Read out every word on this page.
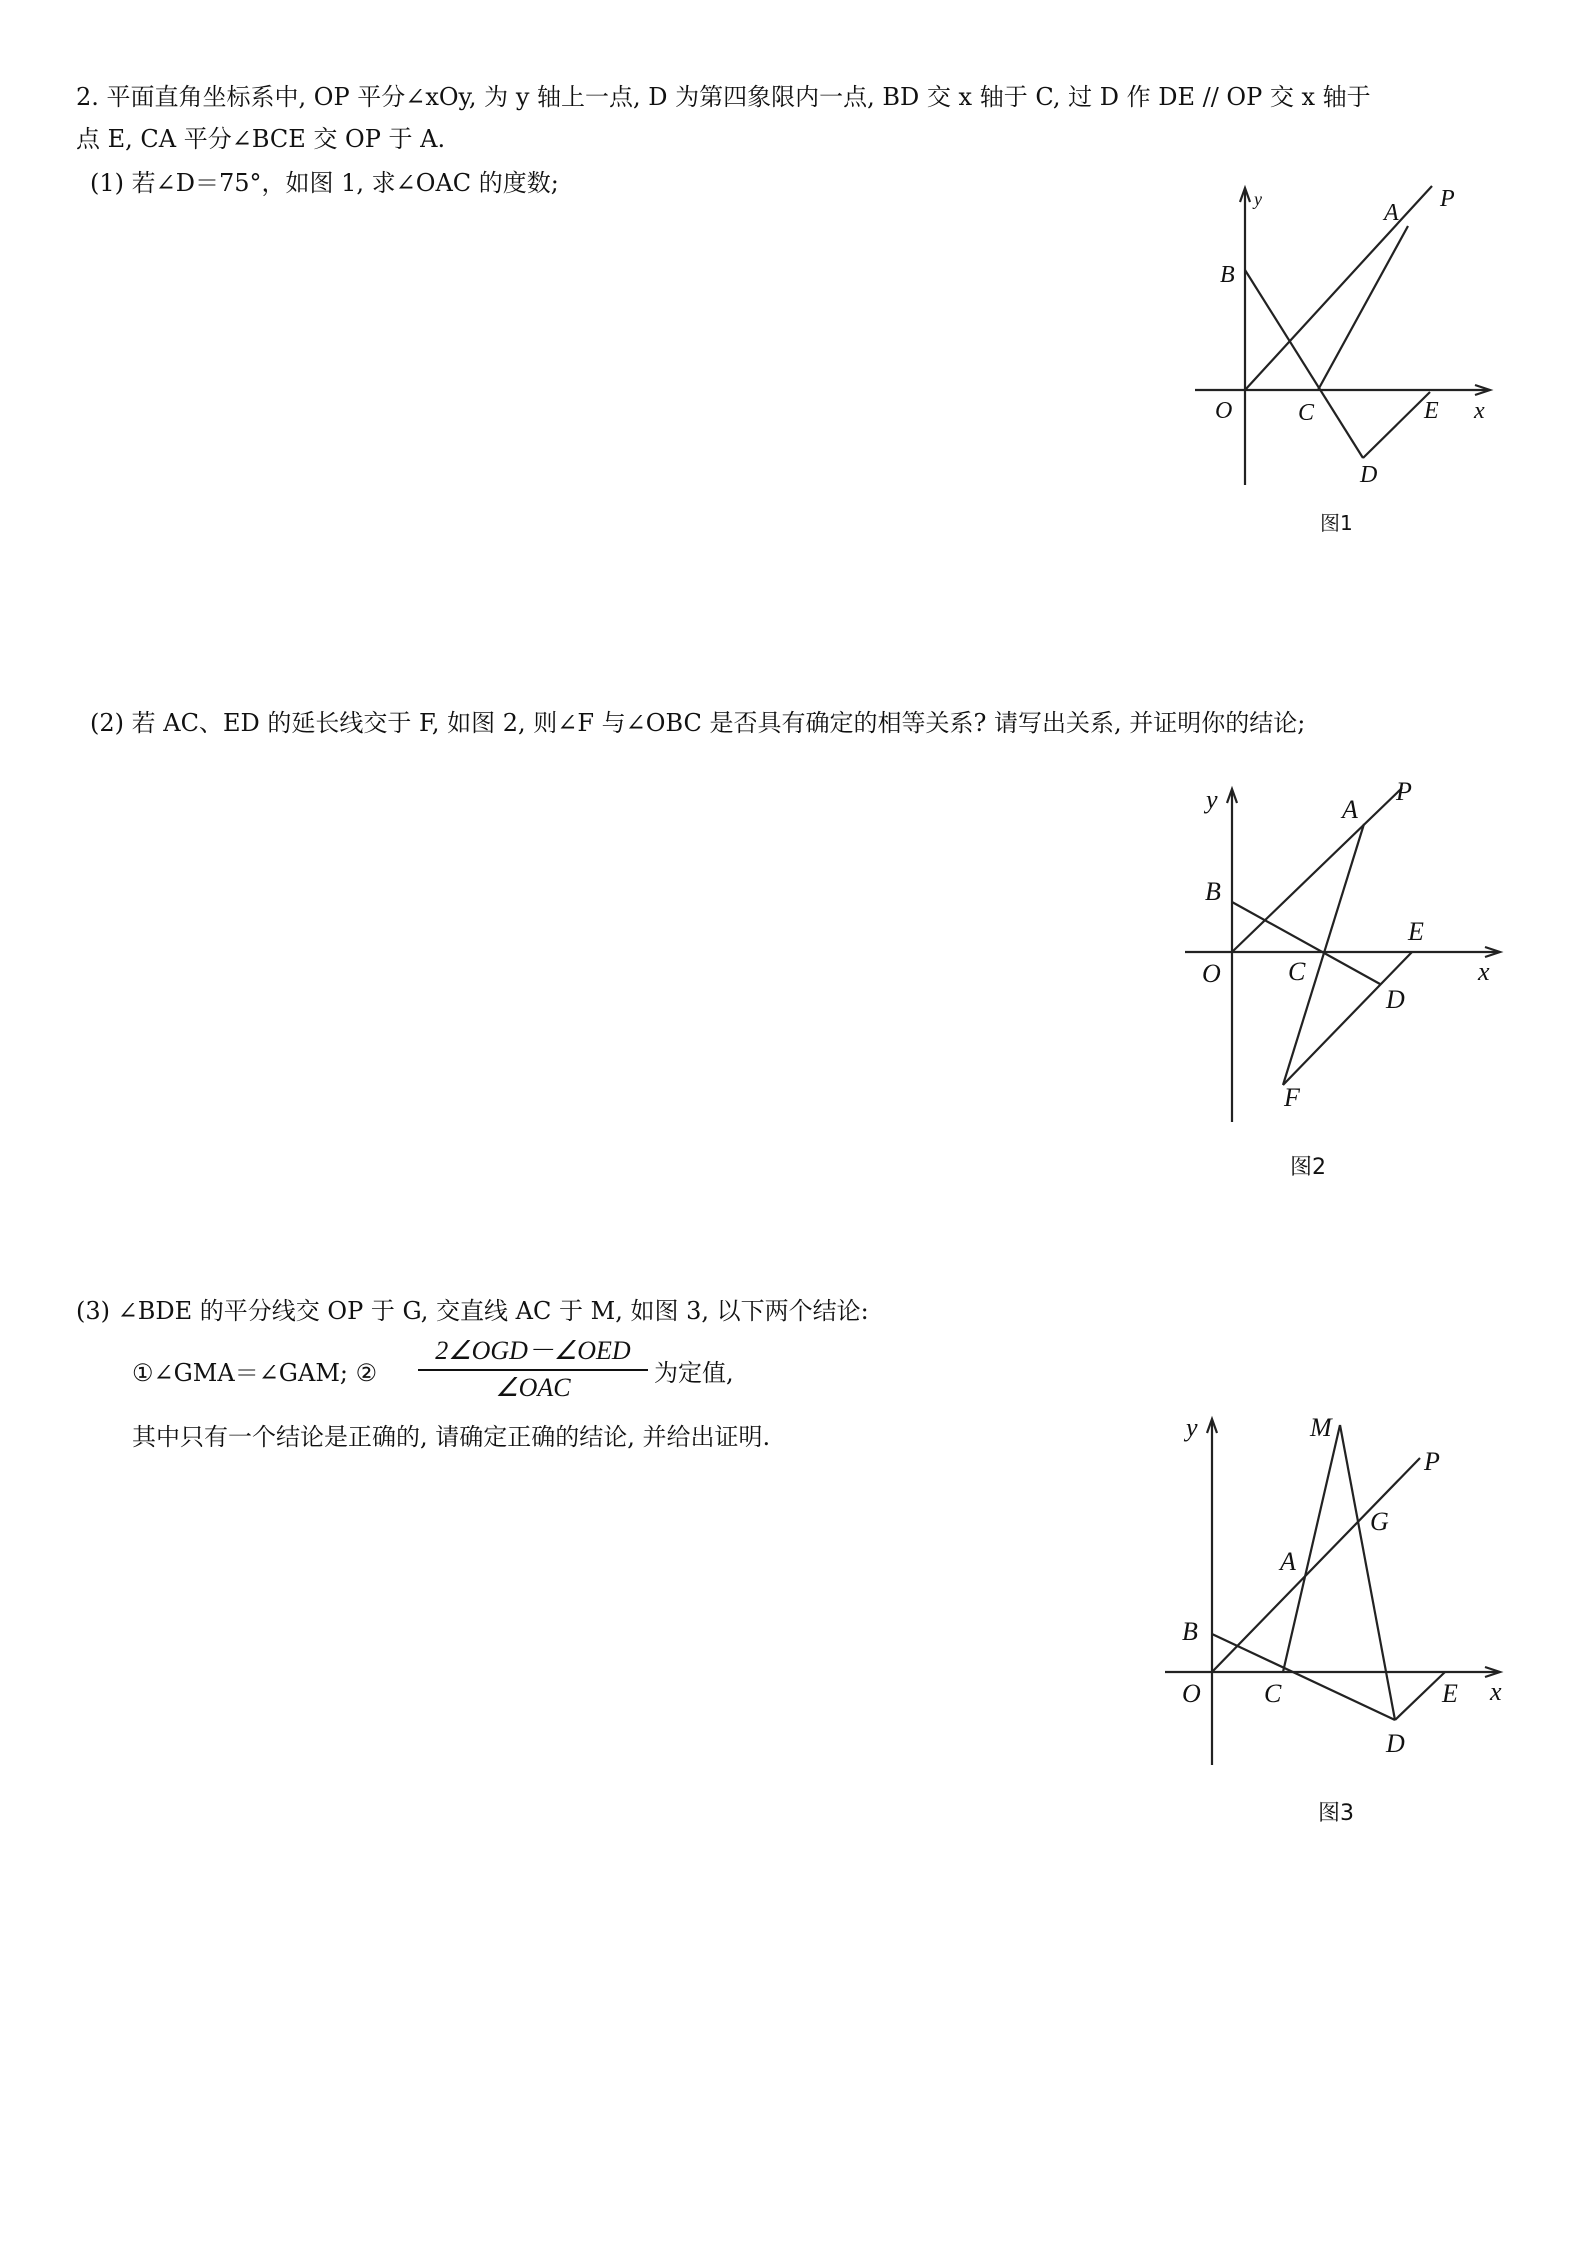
2. 平面直角坐标系中, OP 平分∠xOy, 为 y 轴上一点, D 为第四象限内一点, BD 交 x 轴于 C, 过 D 作 DE // OP 交 x 轴于
点 E, CA 平分∠BCE 交 OP 于 A.
(1) 若∠D＝75°，如图 1, 求∠OAC 的度数;
(2) 若 AC、ED 的延长线交于 F, 如图 2, 则∠F 与∠OBC 是否具有确定的相等关系? 请写出关系, 并证明你的结论;
(3) ∠BDE 的平分线交 OP 于 G, 交直线 AC 于 M, 如图 3, 以下两个结论:
①∠GMA＝∠GAM; ②
2∠OGD－∠OED
∠OAC	为定值,
其中只有一个结论是正确的, 请确定正确的结论, 并给出证明.
y
B
O	C	E x
D
A
P
图1
y
B
O	C
E
x
D
A
P
F
图2
y	M
P
G
A
B
O C	E x
D
图3
